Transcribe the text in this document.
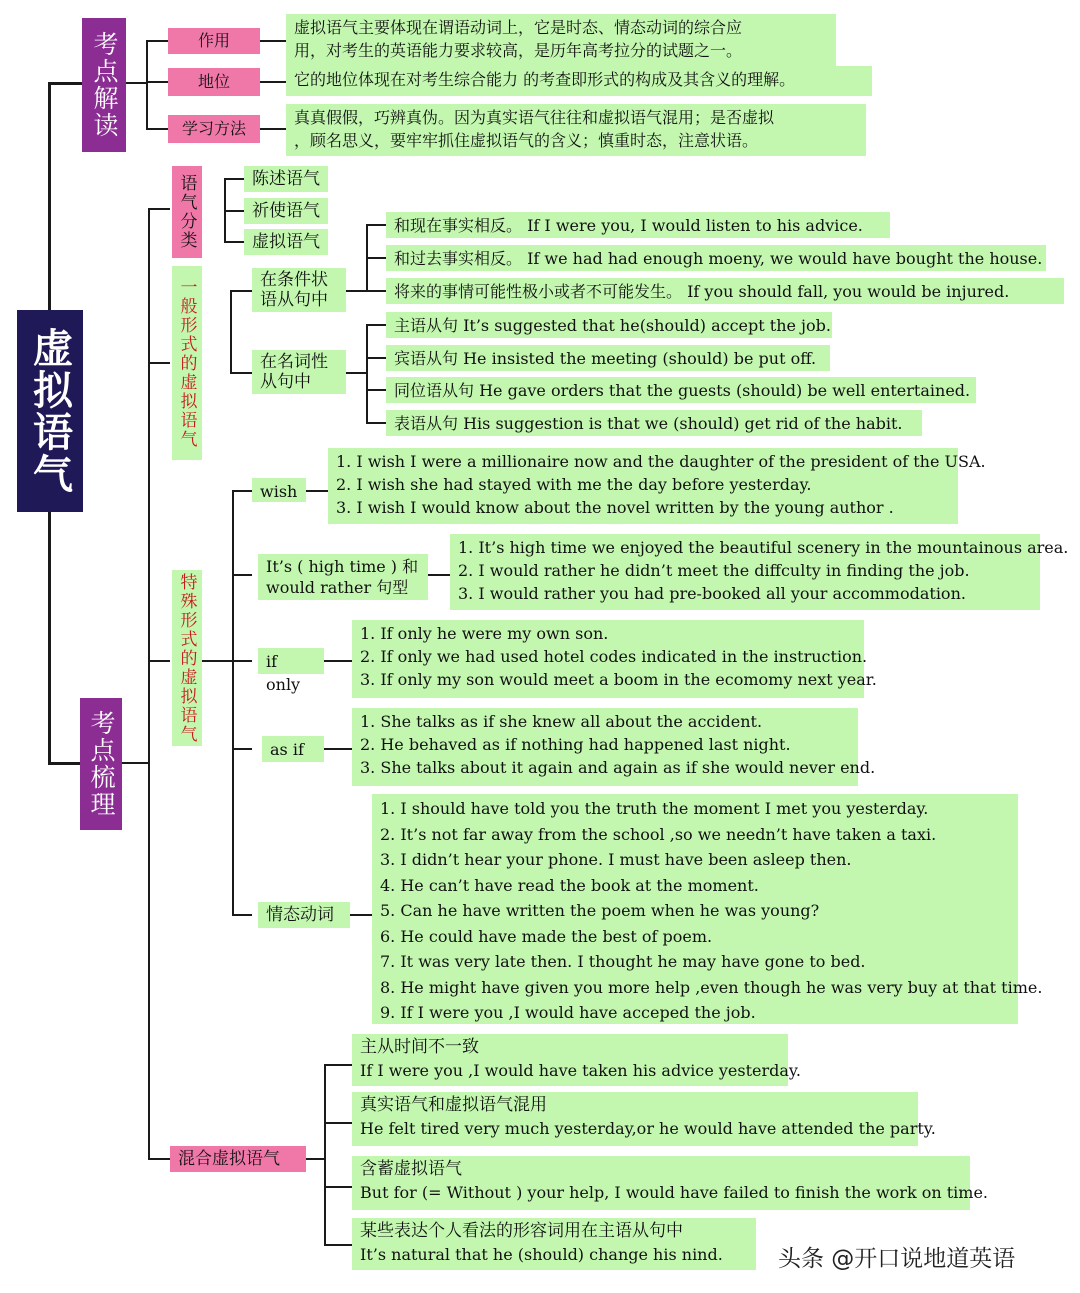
虚拟语气
考点解读
考点梳理
作用
虚拟语气主要体现在谓语动词上，它是时态、情态动词的综合应
用，对考生的英语能力要求较高，是历年高考拉分的试题之一。
地位	它的地位体现在对考生综合能力 的考查即形式的构成及其含义的理解。
学习方法
真真假假，巧辨真伪。因为真实语气往往和虚拟语气混用；是否虚拟
，顾名思义，要牢牢抓住虚拟语气的含义；慎重时态，注意状语。
语气分类	陈述语气
祈使语气
虚拟语气
一般形式的虚拟语气	在条件状
语从句中
和现在事实相反。 If I were you, I would listen to his advice.
和过去事实相反。 If we had had enough moeny, we would have bought the house.
将来的事情可能性极小或者不可能发生。 If you should fall, you would be injured.
在名词性
从句中
主语从句 It’s suggested that he(should) accept the job.
宾语从句 He insisted the meeting (should) be put off.
同位语从句 He gave orders that the guests (should) be well entertained.
表语从句 His suggestion is that we (should) get rid of the habit.
特殊形式的虚拟语气
wish
1. I wish I were a millionaire now and the daughter of the president of the USA.
2. I wish she had stayed with me the day before yesterday.
3. I wish I would know about the novel written by the young author .
It’s ( high time ) 和
would rather 句型
1. It’s high time we enjoyed the beautiful scenery in the mountainous area.
2. I would rather he didn’t meet the diffculty in finding the job.
3. I would rather you had pre-booked all your accommodation.
if only
1. If only he were my own son.
2. If only we had used hotel codes indicated in the instruction.
3. If only my son would meet a boom in the ecomomy next year.
as if
1. She talks as if she knew all about the accident.
2. He behaved as if nothing had happened last night.
3. She talks about it again and again as if she would never end.
情态动词
1. I should have told you the truth the moment I met you yesterday.
2. It’s not far away from the school ,so we needn’t have taken a taxi.
3. I didn’t hear your phone. I must have been asleep then.
4. He can’t have read the book at the moment.
5. Can he have written the poem when he was young?
6. He could have made the best of poem.
7. It was very late then. I thought he may have gone to bed.
8. He might have given you more help ,even though he was very buy at that time.
9. If I were you ,I would have acceped the job.
混合虚拟语气
主从时间不一致
If I were you ,I would have taken his advice yesterday.
真实语气和虚拟语气混用
He felt tired very much yesterday,or he would have attended the party.
含蓄虚拟语气
But for (= Without ) your help, I would have failed to finish the work on time.
某些表达个人看法的形容词用在主语从句中
It’s natural that he (should) change his nind.	头条 @开口说地道英语
